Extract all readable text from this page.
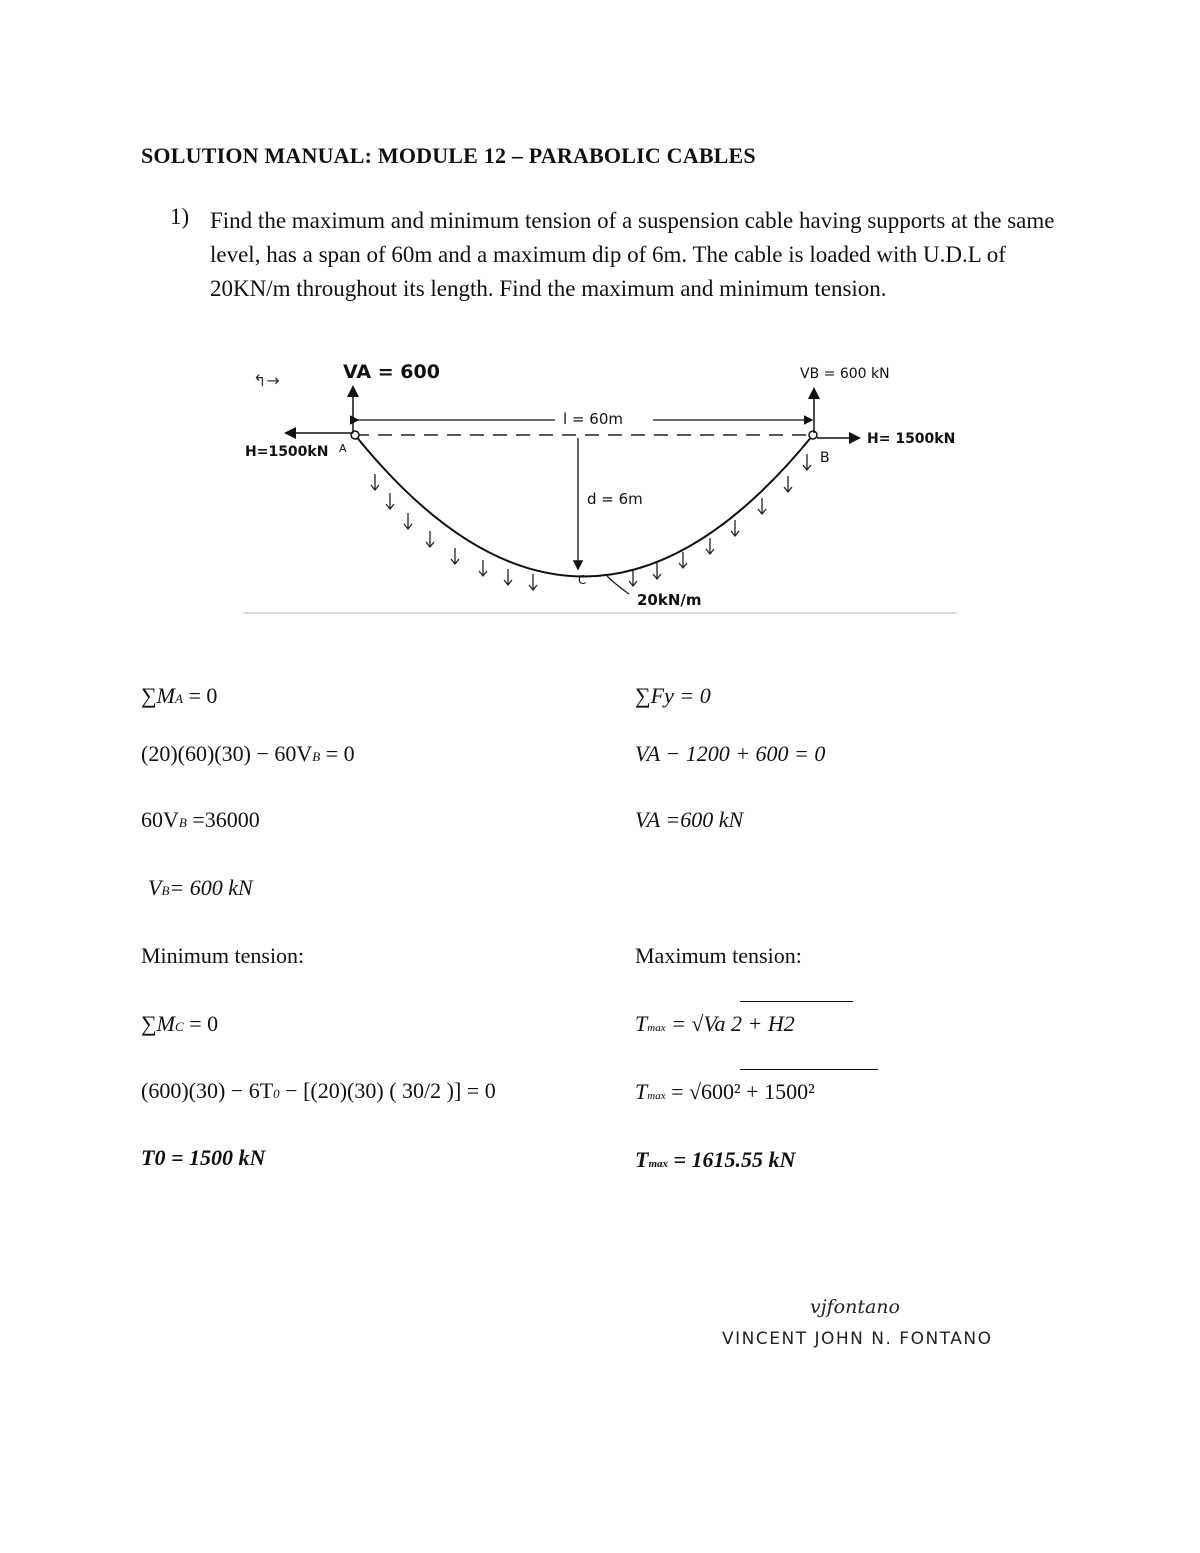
SOLUTION MANUAL: MODULE 12 – PARABOLIC CABLES
1) Find the maximum and minimum tension of a suspension cable having supports at the same level, has a span of 60m and a maximum dip of 6m. The cable is loaded with U.D.L of 20KN/m throughout its length. Find the maximum and minimum tension.
↰→	VA = 600	VB = 600 kN
H=1500kN
H= 1500kN
l = 60m
d = 6m
20kN/m
A
B
C
∑MA = 0
(20)(60)(30) − 60VB = 0
60VB =36000
VB= 600 kN
Minimum tension:
∑MC = 0
(600)(30) − 6T0 − [(20)(30) ( 30/2 )] = 0
T0 = 1500 kN
∑Fy = 0
VA − 1200 + 600 = 0
VA =600 kN
Maximum tension:
Tmax = √Va 2 + H2
Tmax = √600² + 1500²
Tmax = 1615.55 kN
vjfontano
VINCENT JOHN N. FONTANO
